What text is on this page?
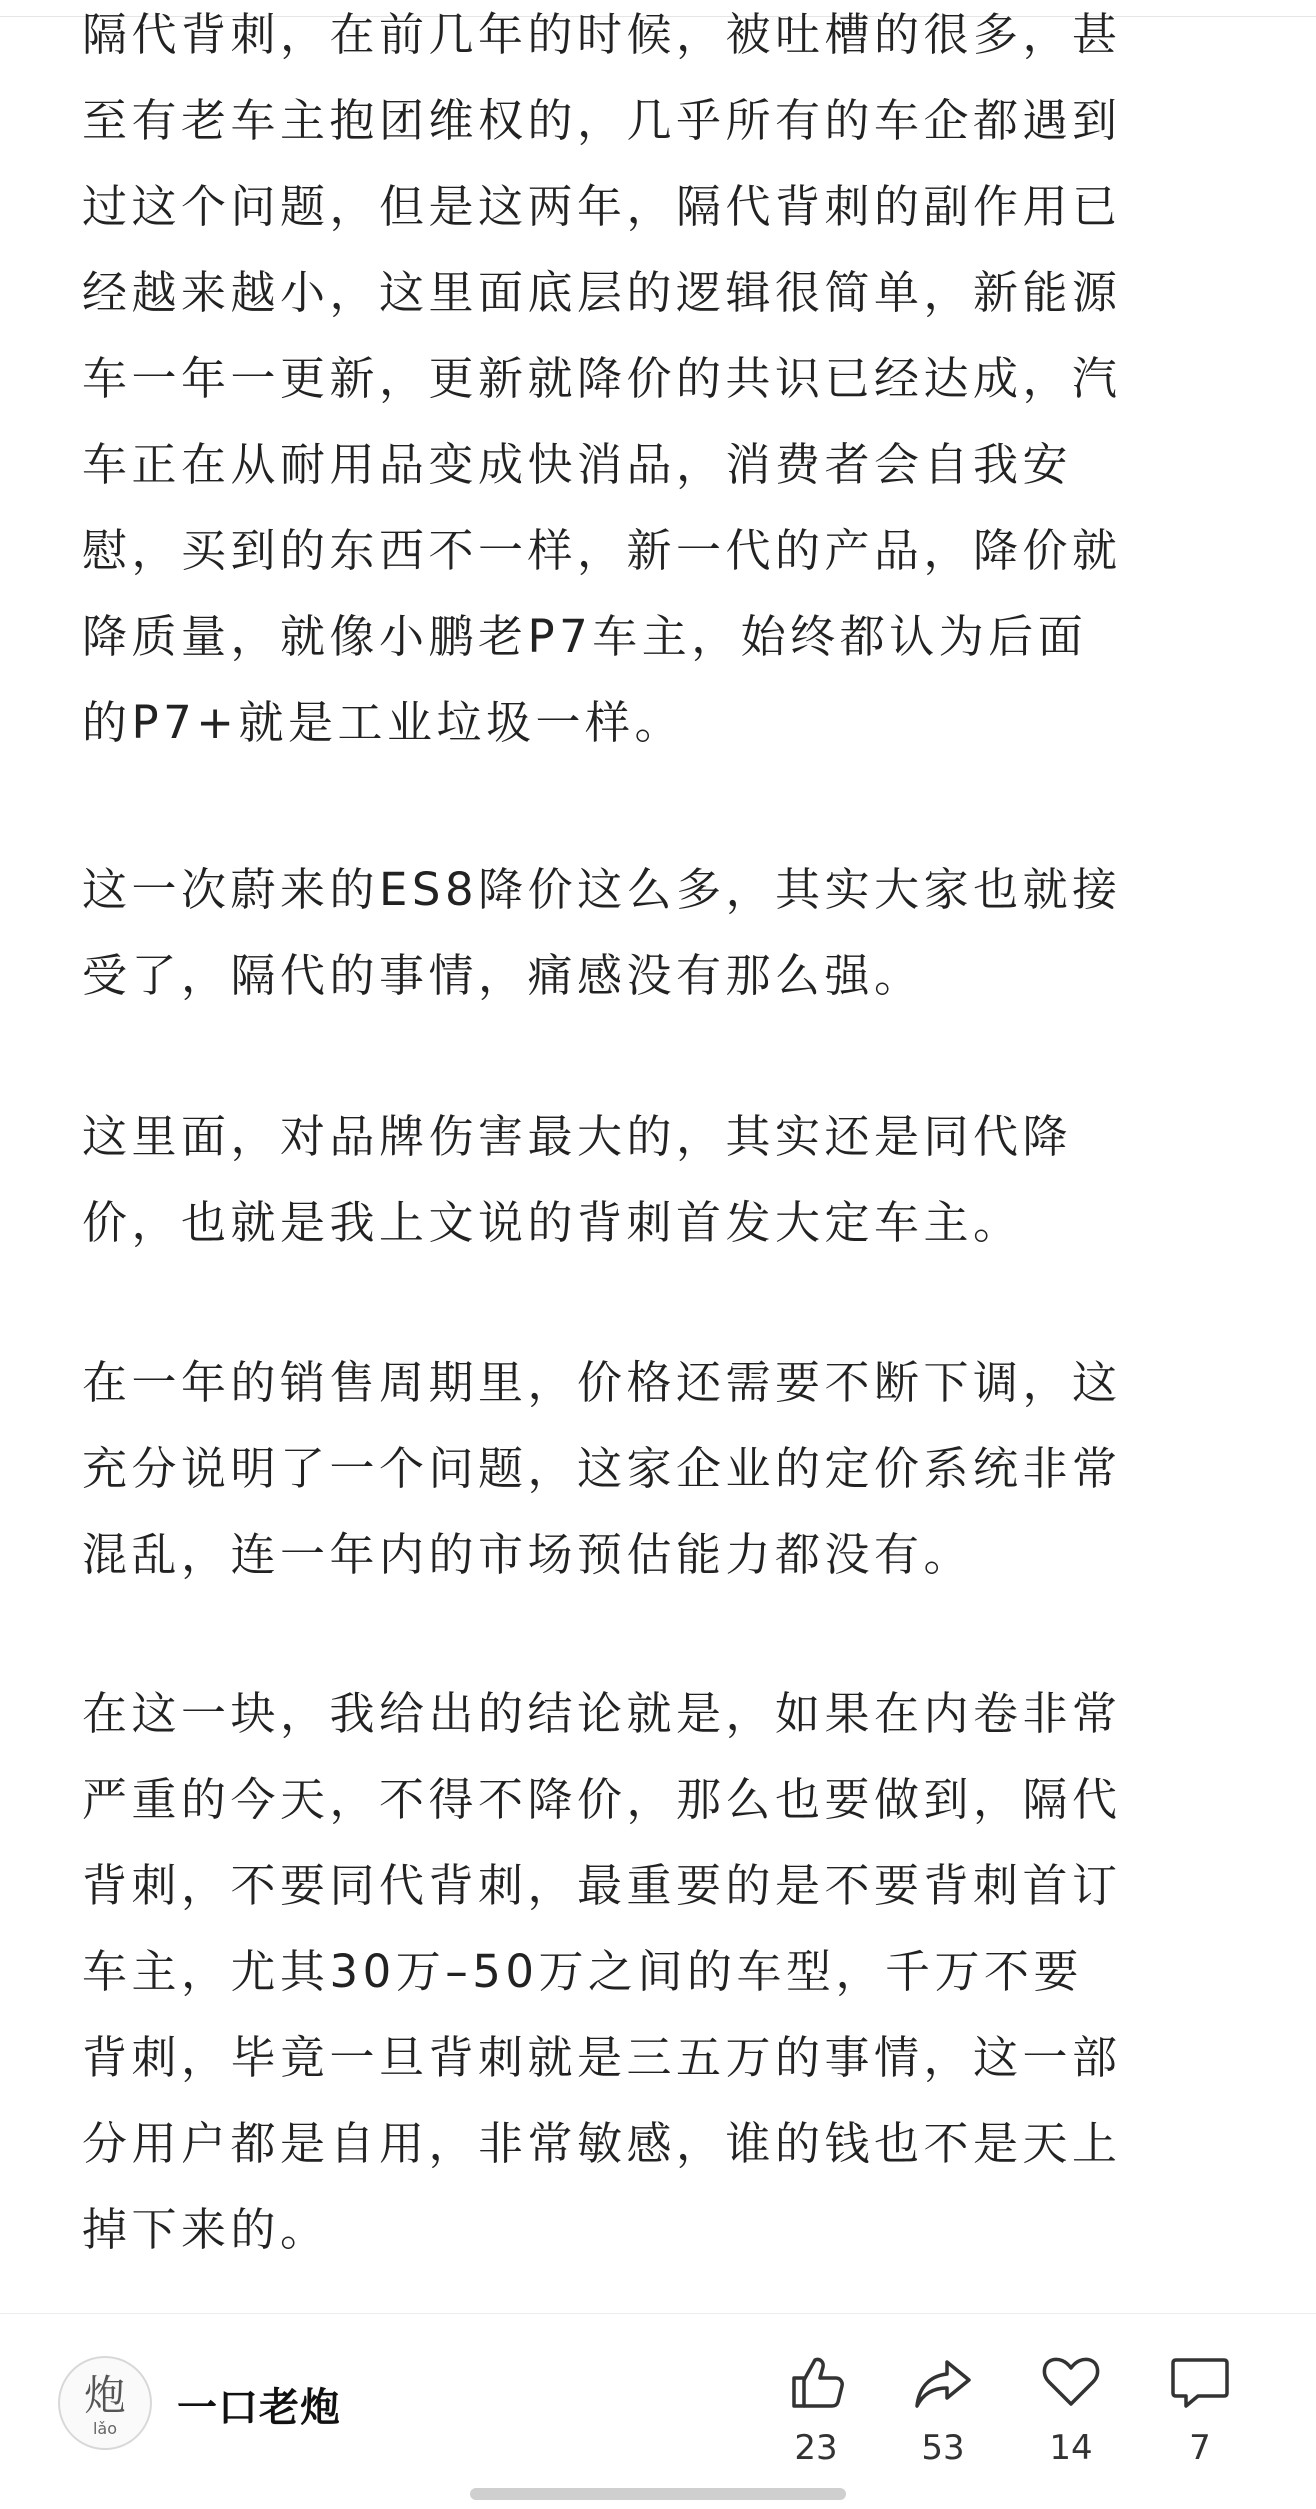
隔代背刺，在前几年的时候，被吐槽的很多，甚
至有老车主抱团维权的，几乎所有的车企都遇到
过这个问题，但是这两年，隔代背刺的副作用已
经越来越小，这里面底层的逻辑很简单，新能源
车一年一更新，更新就降价的共识已经达成，汽
车正在从耐用品变成快消品，消费者会自我安
慰，买到的东西不一样，新一代的产品，降价就
降质量，就像小鹏老P7车主，始终都认为后面
的P7+就是工业垃圾一样。
这一次蔚来的ES8降价这么多，其实大家也就接
受了，隔代的事情，痛感没有那么强。
这里面，对品牌伤害最大的，其实还是同代降
价，也就是我上文说的背刺首发大定车主。
在一年的销售周期里，价格还需要不断下调，这
充分说明了一个问题，这家企业的定价系统非常
混乱，连一年内的市场预估能力都没有。
在这一块，我给出的结论就是，如果在内卷非常
严重的今天，不得不降价，那么也要做到，隔代
背刺，不要同代背刺，最重要的是不要背刺首订
车主，尤其30万–50万之间的车型，千万不要
背刺，毕竟一旦背刺就是三五万的事情，这一部
分用户都是自用，非常敏感，谁的钱也不是天上
掉下来的。
炮
lǎo 一口老炮
23	53	14	7
